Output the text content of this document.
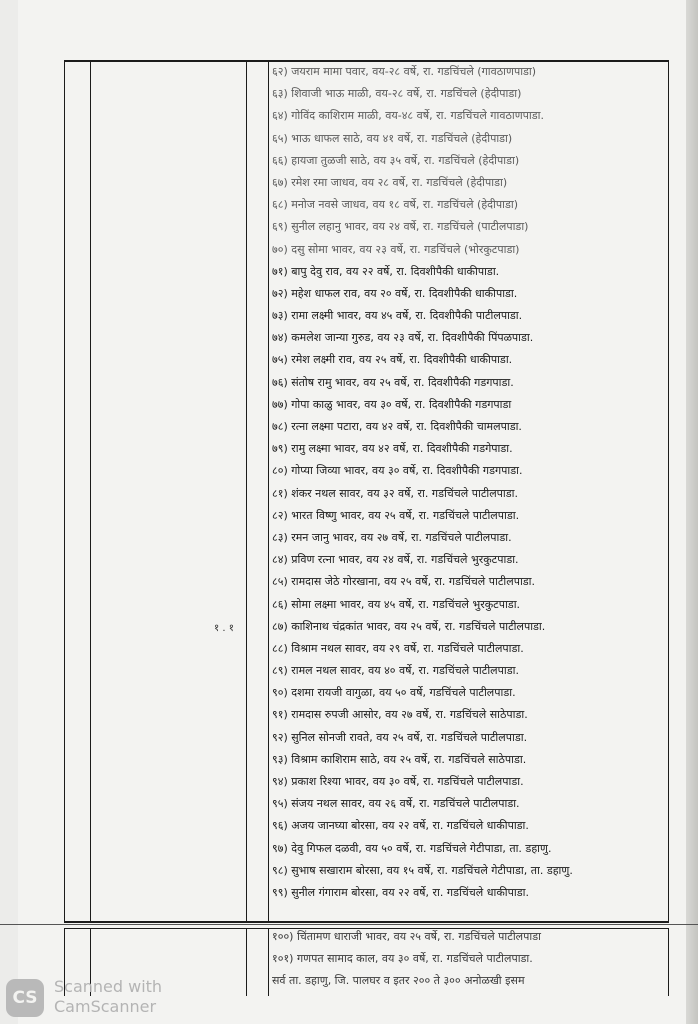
१ . १
६२) जयराम मामा पवार, वय-२८ वर्षे, रा. गडचिंचले (गावठाणपाडा)
६३) शिवाजी भाऊ माळी, वय-२८ वर्षे, रा. गडचिंचले (हेदीपाडा)
६४) गोविंद काशिराम माळी, वय-४८ वर्षे, रा. गडचिंचले गावठाणपाडा.
६५) भाऊ धाफल साठे, वय ४१ वर्षे, रा. गडचिंचले (हेदीपाडा)
६६) हायजा तुळजी साठे, वय ३५ वर्षे, रा. गडचिंचले (हेदीपाडा)
६७) रमेश रमा जाधव, वय २८ वर्षे, रा. गडचिंचले (हेदीपाडा)
६८) मनोज नवसे जाधव, वय १८ वर्षे, रा. गडचिंचले (हेदीपाडा)
६९) सुनील लहानु भावर, वय २४ वर्षे, रा. गडचिंचले (पाटीलपाडा)
७०) दसु सोमा भावर, वय २३ वर्षे, रा. गडचिंचले (भोरकुटपाडा)
७१) बापु देवु राव, वय २२ वर्षे, रा. दिवशीपैकी धाकीपाडा.
७२) महेश धाफल राव, वय २० वर्षे, रा. दिवशीपैकी धाकीपाडा.
७३) रामा लक्ष्मी भावर, वय ४५ वर्षे, रा. दिवशीपैकी पाटीलपाडा.
७४) कमलेश जान्या गुरुड, वय २३ वर्षे, रा. दिवशीपैकी पिंपळपाडा.
७५) रमेश लक्ष्मी राव, वय २५ वर्षे, रा. दिवशीपैकी धाकीपाडा.
७६) संतोष रामु भावर, वय २५ वर्षे, रा. दिवशीपैकी गडगपाडा.
७७) गोपा काळु भावर, वय ३० वर्षे, रा. दिवशीपैकी गडगपाडा
७८) रत्ना लक्ष्मा पटारा, वय ४२ वर्षे, रा. दिवशीपैकी चामलपाडा.
७९) रामु लक्ष्मा भावर, वय ४२ वर्षे, रा. दिवशीपैकी गडगेपाडा.
८०) गोप्या जिव्या भावर, वय ३० वर्षे, रा. दिवशीपैकी गडगपाडा.
८१) शंकर नथल सावर, वय ३२ वर्षे, रा. गडचिंचले पाटीलपाडा.
८२) भारत विष्णु भावर, वय २५ वर्षे, रा. गडचिंचले पाटीलपाडा.
८३) रमन जानु भावर, वय २७ वर्षे, रा. गडचिंचले पाटीलपाडा.
८४) प्रविण रत्ना भावर, वय २४ वर्षे, रा. गडचिंचले भुरकुटपाडा.
८५) रामदास जेठे गोरखाना, वय २५ वर्षे, रा. गडचिंचले पाटीलपाडा.
८६) सोमा लक्ष्मा भावर, वय ४५ वर्षे, रा. गडचिंचले भुरकुटपाडा.
८७) काशिनाथ चंद्रकांत भावर, वय २५ वर्षे, रा. गडचिंचले पाटीलपाडा.
८८) विश्राम नथल सावर, वय २९ वर्षे, रा. गडचिंचले पाटीलपाडा.
८९) रामल नथल सावर, वय ४० वर्षे, रा. गडचिंचले पाटीलपाडा.
९०) दशमा रायजी वागुळा, वय ५० वर्षे, गडचिंचले पाटीलपाडा.
९१) रामदास रुपजी आसोर, वय २७ वर्षे, रा. गडचिंचले साठेपाडा.
९२) सुनिल सोनजी रावते, वय २५ वर्षे, रा. गडचिंचले पाटीलपाडा.
९३) विश्राम काशिराम साठे, वय २५ वर्षे, रा. गडचिंचले साठेपाडा.
९४) प्रकाश रिश्या भावर, वय ३० वर्षे, रा. गडचिंचले पाटीलपाडा.
९५) संजय नथल सावर, वय २६ वर्षे, रा. गडचिंचले पाटीलपाडा.
९६) अजय जानघ्या बोरसा, वय २२ वर्षे, रा. गडचिंचले धाकीपाडा.
९७) देवु गिफल दळवी, वय ५० वर्षे, रा. गडचिंचले गेटीपाडा, ता. डहाणु.
९८) सुभाष सखाराम बोरसा, वय १५ वर्षे, रा. गडचिंचले गेटीपाडा, ता. डहाणु.
९९) सुनील गंगाराम बोरसा, वय २२ वर्षे, रा. गडचिंचले धाकीपाडा.
१००) चिंतामण धाराजी भावर, वय २५ वर्षे, रा. गडचिंचले पाटीलपाडा
१०१) गणपत सामाद काल, वय ३० वर्षे, रा. गडचिंचले पाटीलपाडा.
सर्व ता. डहाणु, जि. पालघर व इतर २०० ते ३०० अनोळखी इसम
CS
Scanned with
CamScanner
